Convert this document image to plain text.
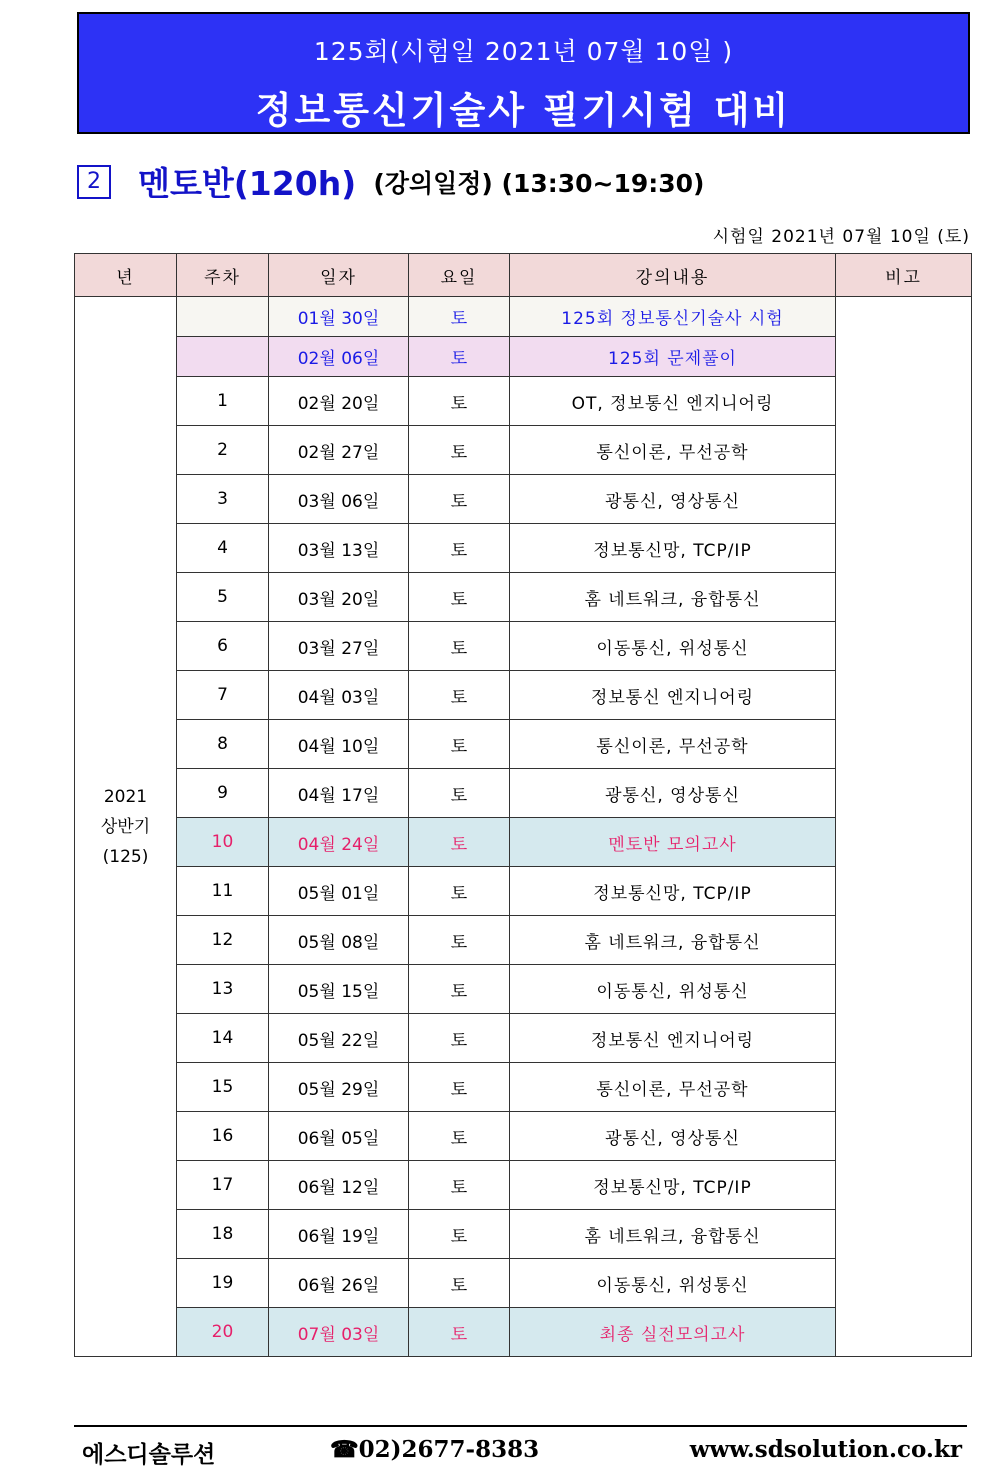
125회(시험일 2021년 07월 10일 )
정보통신기술사 필기시험 대비
2 멘토반(120h) (강의일정) (13:30~19:30)
시험일 2021년 07월 10일 (토)
년	주차	일자	요일	강의내용	비고

2021
상반기
(125)		01월 30일	토	125회 정보통신기술사 시험	
		02월 06일	토	125회 문제풀이	
	1	02월 20일	토	OT, 정보통신 엔지니어링	
	2	02월 27일	토	통신이론, 무선공학	
	3	03월 06일	토	광통신, 영상통신	
	4	03월 13일	토	정보통신망, TCP/IP	
	5	03월 20일	토	홈 네트워크, 융합통신	
	6	03월 27일	토	이동통신, 위성통신	
	7	04월 03일	토	정보통신 엔지니어링	
	8	04월 10일	토	통신이론, 무선공학	
	9	04월 17일	토	광통신, 영상통신	
	10	04월 24일	토	멘토반 모의고사	
	11	05월 01일	토	정보통신망, TCP/IP	
	12	05월 08일	토	홈 네트워크, 융합통신	
	13	05월 15일	토	이동통신, 위성통신	
	14	05월 22일	토	정보통신 엔지니어링	
	15	05월 29일	토	통신이론, 무선공학	
	16	06월 05일	토	광통신, 영상통신	
	17	06월 12일	토	정보통신망, TCP/IP	
	18	06월 19일	토	홈 네트워크, 융합통신	
	19	06월 26일	토	이동통신, 위성통신	
	20	07월 03일	토	최종 실전모의고사	
에스디솔루션	☎02)2677-8383	www.sdsolution.co.kr
